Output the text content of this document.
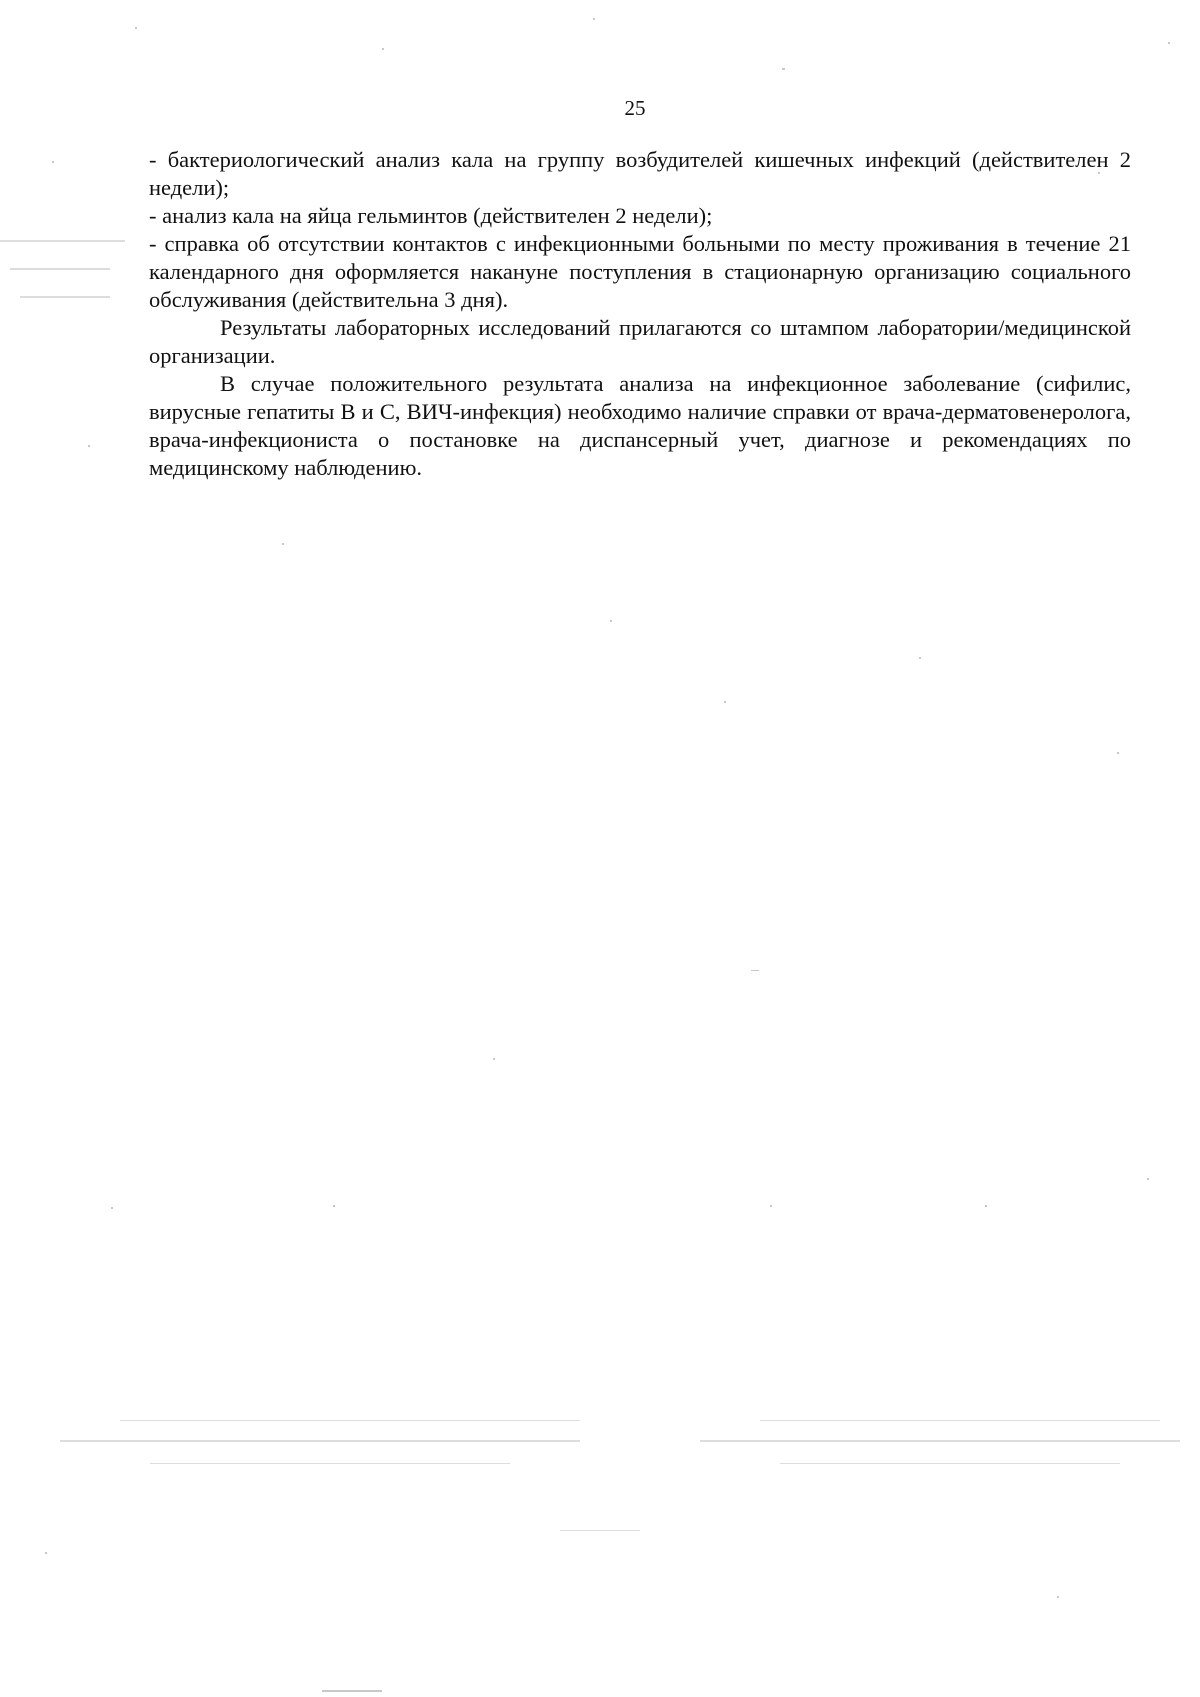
25

- бактериологический анализ кала на группу возбудителей кишечных инфекций (действителен 2 недели);

- анализ кала на яйца гельминтов (действителен 2 недели);

- справка об отсутствии контактов с инфекционными больными по месту проживания в течение 21 календарного дня оформляется накануне поступления в стационарную организацию социального обслуживания (действительна 3 дня).

Результаты лабораторных исследований прилагаются со штампом лаборатории/медицинской организации.

В случае положительного результата анализа на инфекционное заболевание (сифилис, вирусные гепатиты В и С, ВИЧ-инфекция) необходимо наличие справки от врача-дерматовенеролога, врача-инфекциониста о постановке на диспансерный учет, диагнозе и рекомендациях по медицинскому наблюдению.
